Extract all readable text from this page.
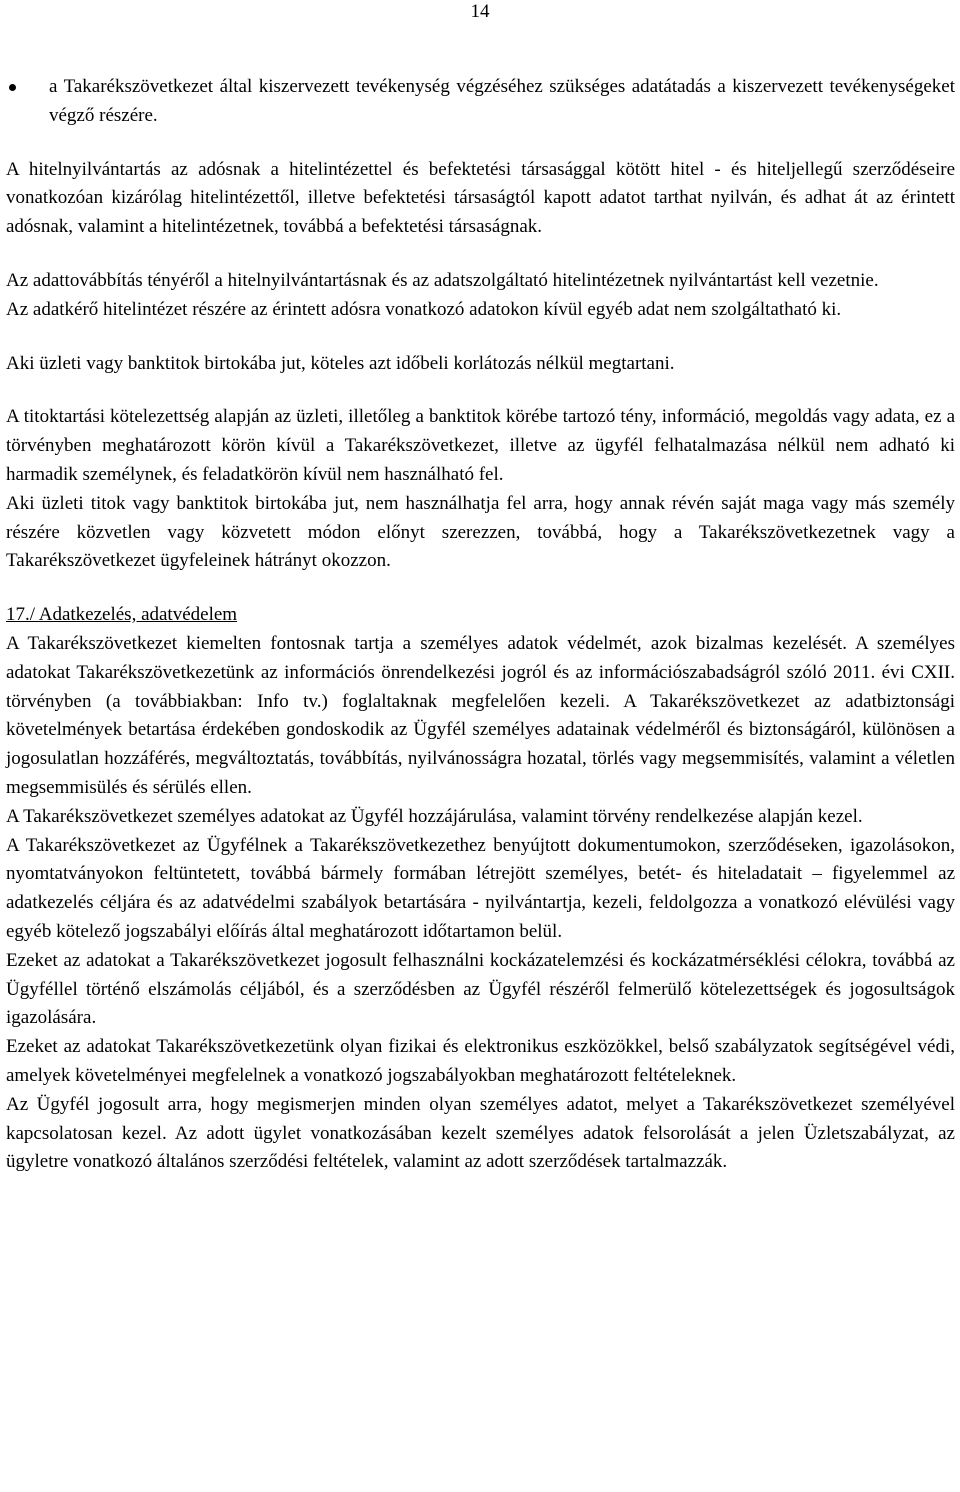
14

a Takarékszövetkezet által kiszervezett tevékenység végzéséhez szükséges adatátadás a kiszervezett tevékenységeket végző részére.

A hitelnyilvántartás az adósnak a hitelintézettel és befektetési társasággal kötött hitel - és hiteljellegű szerződéseire vonatkozóan kizárólag hitelintézettől, illetve befektetési társaságtól kapott adatot tarthat nyilván, és adhat át az érintett adósnak, valamint a hitelintézetnek, továbbá a befektetési társaságnak.

Az adattovábbítás tényéről a hitelnyilvántartásnak és az adatszolgáltató hitelintézetnek nyilvántartást kell vezetnie.

Az adatkérő hitelintézet részére az érintett adósra vonatkozó adatokon kívül egyéb adat nem szolgáltatható ki.

Aki üzleti vagy banktitok birtokába jut, köteles azt időbeli korlátozás nélkül megtartani.

A titoktartási kötelezettség alapján az üzleti, illetőleg a banktitok körébe tartozó tény, információ, megoldás vagy adata, ez a törvényben meghatározott körön kívül a Takarékszövetkezet, illetve az ügyfél felhatalmazása nélkül nem adható ki harmadik személynek, és feladatkörön kívül nem használható fel.

Aki üzleti titok vagy banktitok birtokába jut, nem használhatja fel arra, hogy annak révén saját maga vagy más személy részére közvetlen vagy közvetett módon előnyt szerezzen, továbbá, hogy a Takarékszövetkezetnek vagy a Takarékszövetkezet ügyfeleinek hátrányt okozzon.

17./ Adatkezelés, adatvédelem

A Takarékszövetkezet kiemelten fontosnak tartja a személyes adatok védelmét, azok bizalmas kezelését. A személyes adatokat Takarékszövetkezetünk az információs önrendelkezési jogról és az információszabadságról szóló 2011. évi CXII. törvényben (a továbbiakban: Info tv.) foglaltaknak megfelelően kezeli. A Takarékszövetkezet az adatbiztonsági követelmények betartása érdekében gondoskodik az Ügyfél személyes adatainak védelméről és biztonságáról, különösen a jogosulatlan hozzáférés, megváltoztatás, továbbítás, nyilvánosságra hozatal, törlés vagy megsemmisítés, valamint a véletlen megsemmisülés és sérülés ellen.

A Takarékszövetkezet személyes adatokat az Ügyfél hozzájárulása, valamint törvény rendelkezése alapján kezel.

A Takarékszövetkezet az Ügyfélnek a Takarékszövetkezethez benyújtott dokumentumokon, szerződéseken, igazolásokon, nyomtatványokon feltüntetett, továbbá bármely formában létrejött személyes, betét- és hiteladatait – figyelemmel az adatkezelés céljára és az adatvédelmi szabályok betartására - nyilvántartja, kezeli, feldolgozza a vonatkozó elévülési vagy egyéb kötelező jogszabályi előírás által meghatározott időtartamon belül.

Ezeket az adatokat a Takarékszövetkezet jogosult felhasználni kockázatelemzési és kockázatmérséklési célokra, továbbá az Ügyféllel történő elszámolás céljából, és a szerződésben az Ügyfél részéről felmerülő kötelezettségek és jogosultságok igazolására.

Ezeket az adatokat Takarékszövetkezetünk olyan fizikai és elektronikus eszközökkel, belső szabályzatok segítségével védi, amelyek követelményei megfelelnek a vonatkozó jogszabályokban meghatározott feltételeknek.

Az Ügyfél jogosult arra, hogy megismerjen minden olyan személyes adatot, melyet a Takarékszövetkezet személyével kapcsolatosan kezel. Az adott ügylet vonatkozásában kezelt személyes adatok felsorolását a jelen Üzletszabályzat, az ügyletre vonatkozó általános szerződési feltételek, valamint az adott szerződések tartalmazzák.
